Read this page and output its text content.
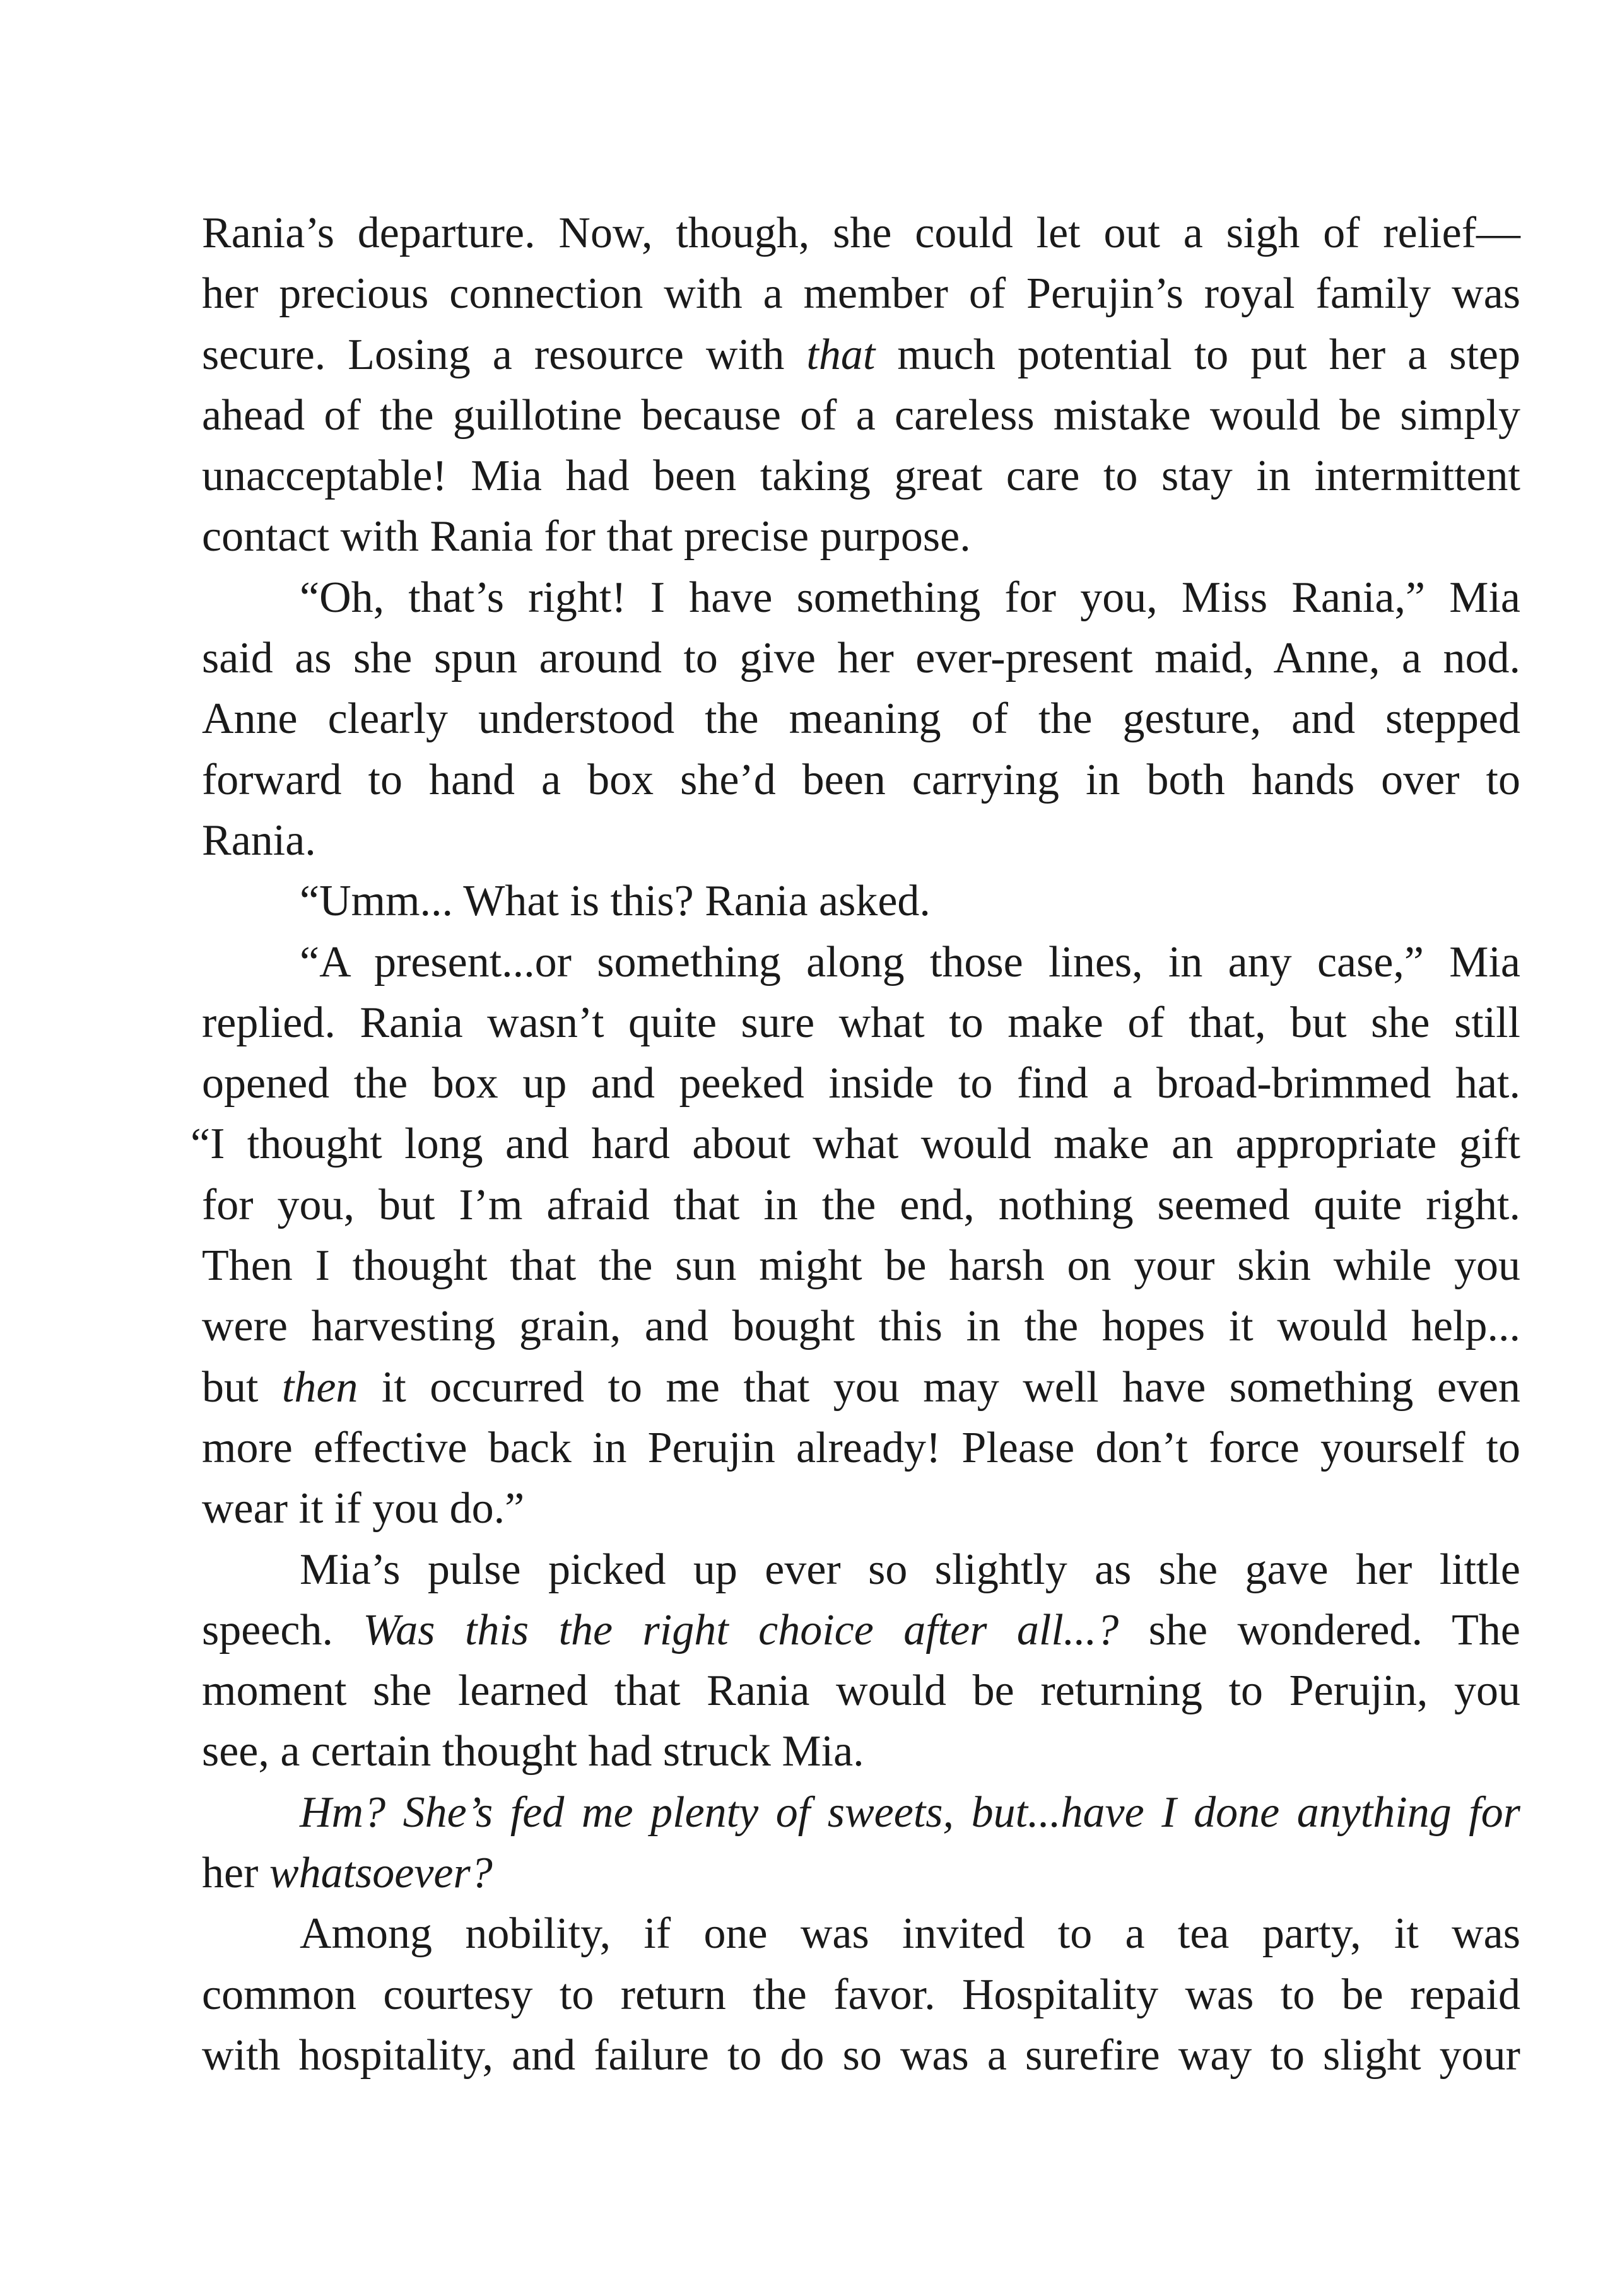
Rania’s departure. Now, though, she could let out a sigh of relief—
her precious connection with a member of Perujin’s royal family was
secure. Losing a resource with that much potential to put her a step
ahead of the guillotine because of a careless mistake would be simply
unacceptable! Mia had been taking great care to stay in intermittent
contact with Rania for that precise purpose.
“Oh, that’s right! I have something for you, Miss Rania,” Mia
said as she spun around to give her ever-present maid, Anne, a nod.
Anne clearly understood the meaning of the gesture, and stepped
forward to hand a box she’d been carrying in both hands over to
Rania.
“Umm... What is this? Rania asked.
“A present...or something along those lines, in any case,” Mia
replied. Rania wasn’t quite sure what to make of that, but she still
opened the box up and peeked inside to find a broad-brimmed hat.
“I thought long and hard about what would make an appropriate gift
for you, but I’m afraid that in the end, nothing seemed quite right.
Then I thought that the sun might be harsh on your skin while you
were harvesting grain, and bought this in the hopes it would help...
but then it occurred to me that you may well have something even
more effective back in Perujin already! Please don’t force yourself to
wear it if you do.”
Mia’s pulse picked up ever so slightly as she gave her little
speech. Was this the right choice after all...? she wondered. The
moment she learned that Rania would be returning to Perujin, you
see, a certain thought had struck Mia.
Hm? She’s fed me plenty of sweets, but...have I done anything for
her whatsoever?
Among nobility, if one was invited to a tea party, it was
common courtesy to return the favor. Hospitality was to be repaid
with hospitality, and failure to do so was a surefire way to slight your
